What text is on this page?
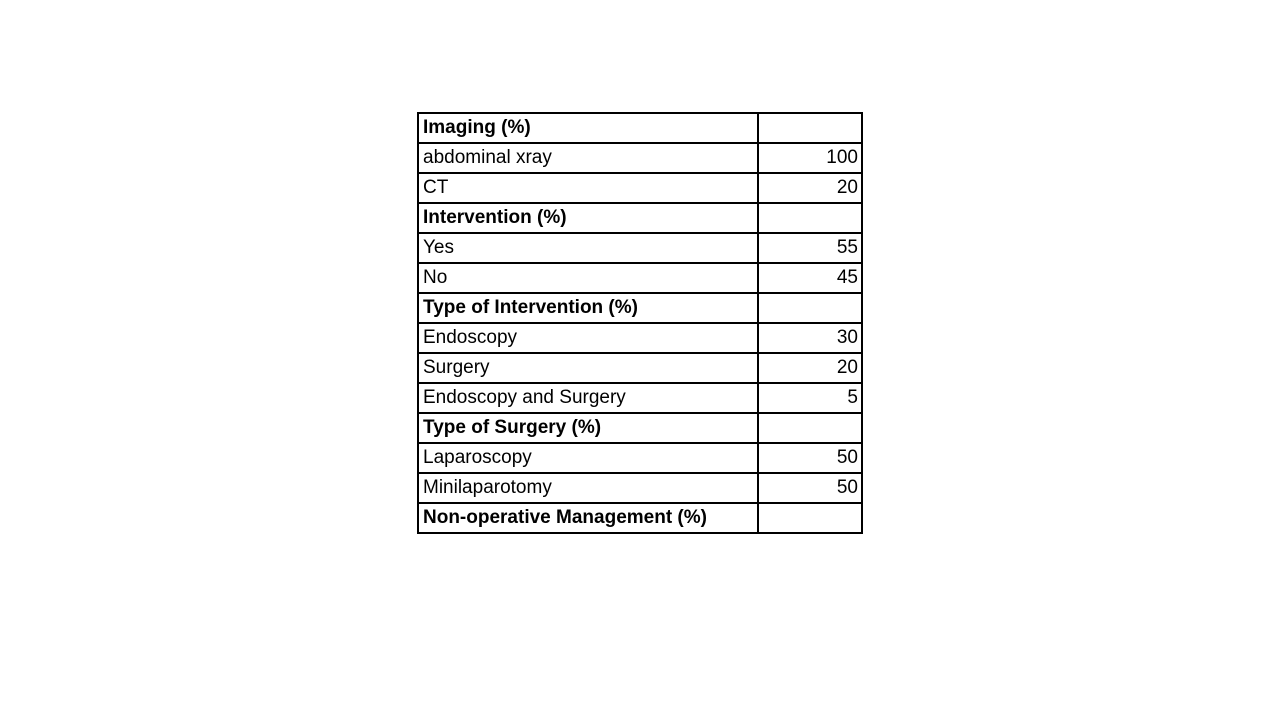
Imaging (%)	
abdominal xray	100
CT	20
Intervention (%)	
Yes	55
No	45
Type of Intervention (%)	
Endoscopy	30
Surgery	20
Endoscopy and Surgery	5
Type of Surgery (%)	
Laparoscopy	50
Minilaparotomy	50
Non-operative Management (%)	
